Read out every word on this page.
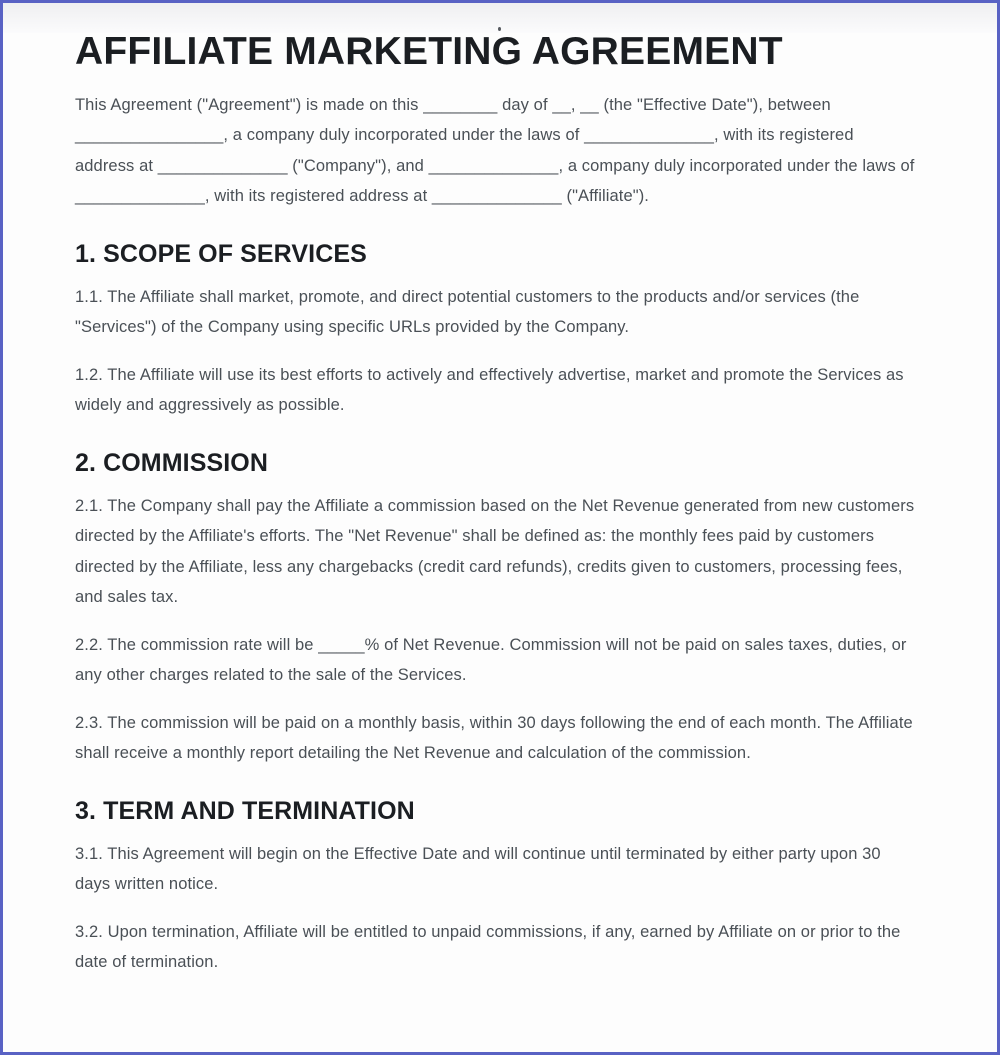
AFFILIATE MARKETING AGREEMENT

This Agreement ("Agreement") is made on this ________ day of __, __ (the "Effective Date"), between ________________, a company duly incorporated under the laws of ______________, with its registered address at ______________ ("Company"), and ______________, a company duly incorporated under the laws of ______________, with its registered address at ______________ ("Affiliate").

1. SCOPE OF SERVICES

1.1. The Affiliate shall market, promote, and direct potential customers to the products and/or services (the "Services") of the Company using specific URLs provided by the Company.

1.2. The Affiliate will use its best efforts to actively and effectively advertise, market and promote the Services as widely and aggressively as possible.

2. COMMISSION

2.1. The Company shall pay the Affiliate a commission based on the Net Revenue generated from new customers directed by the Affiliate's efforts. The "Net Revenue" shall be defined as: the monthly fees paid by customers directed by the Affiliate, less any chargebacks (credit card refunds), credits given to customers, processing fees, and sales tax.

2.2. The commission rate will be _____% of Net Revenue. Commission will not be paid on sales taxes, duties, or any other charges related to the sale of the Services.

2.3. The commission will be paid on a monthly basis, within 30 days following the end of each month. The Affiliate shall receive a monthly report detailing the Net Revenue and calculation of the commission.

3. TERM AND TERMINATION

3.1. This Agreement will begin on the Effective Date and will continue until terminated by either party upon 30 days written notice.

3.2. Upon termination, Affiliate will be entitled to unpaid commissions, if any, earned by Affiliate on or prior to the date of termination.
